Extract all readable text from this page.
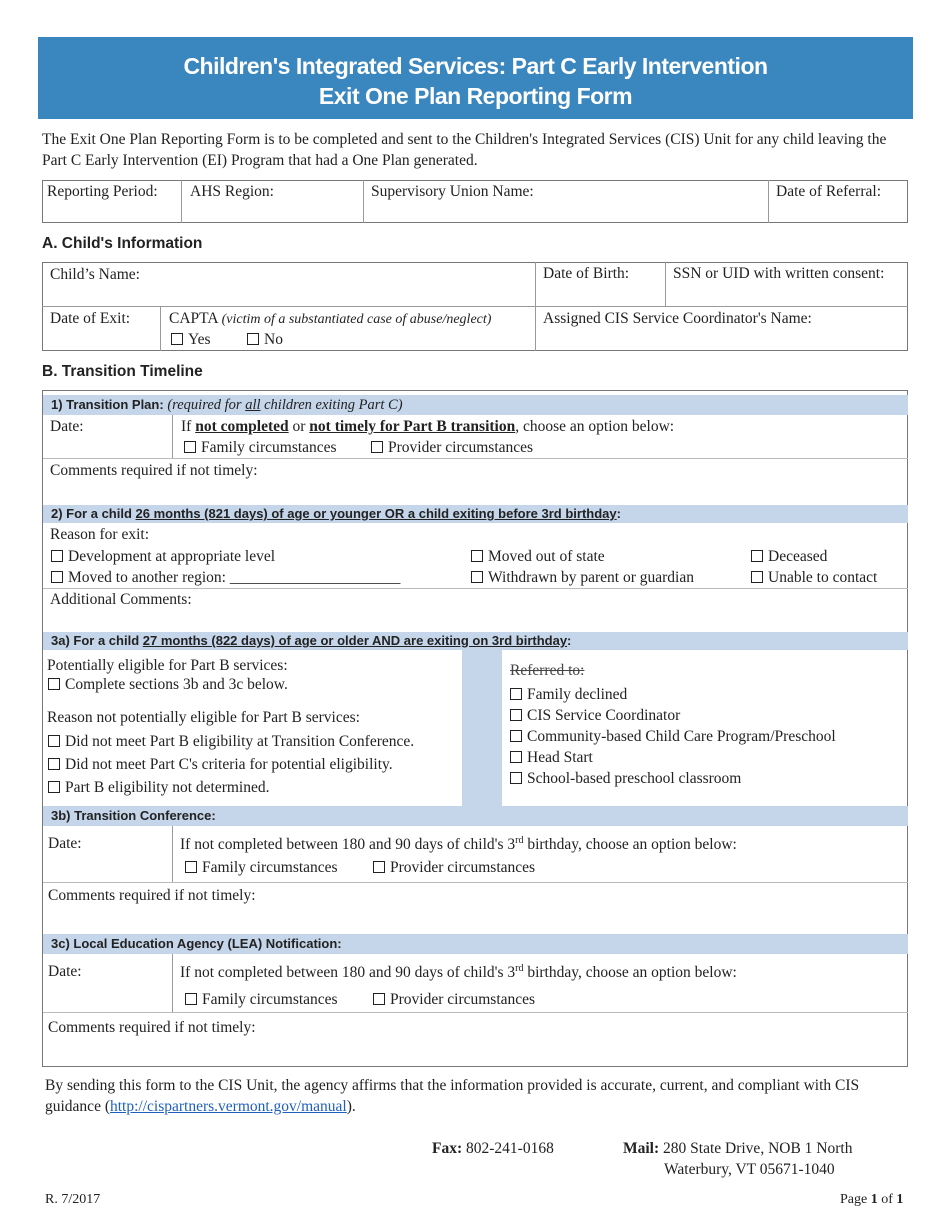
Children's Integrated Services: Part C Early Intervention
Exit One Plan Reporting Form
The Exit One Plan Reporting Form is to be completed and sent to the Children's Integrated Services (CIS) Unit for any child leaving the Part C Early Intervention (EI) Program that had a One Plan generated.
Reporting Period: AHS Region:	Supervisory Union Name:	Date of Referral:
A. Child's Information
Child’s Name:	Date of Birth:	SSN or UID with written consent:
Date of Exit:	CAPTA (victim of a substantiated case of abuse/neglect)
Yes	No
Assigned CIS Service Coordinator's Name:
B. Transition Timeline
1) Transition Plan: (required for all children exiting Part C)
Date:	If not completed or not timely for Part B transition, choose an option below:
Family circumstances	Provider circumstances
Comments required if not timely:
2) For a child 26 months (821 days) of age or younger OR a child exiting before 3rd birthday:
Reason for exit:
Development at appropriate level	Moved out of state	Deceased
Moved to another region: ______________________	Withdrawn by parent or guardian	Unable to contact
Additional Comments:
3a) For a child 27 months (822 days) of age or older AND are exiting on 3rd birthday:
Potentially eligible for Part B services:
Complete sections 3b and 3c below.
Reason not potentially eligible for Part B services:
Did not meet Part B eligibility at Transition Conference.
Did not meet Part C's criteria for potential eligibility.
Part B eligibility not determined.
Referred to:
Family declined
CIS Service Coordinator
Community-based Child Care Program/Preschool
Head Start
School-based preschool classroom
3b) Transition Conference:
Date:	If not completed between 180 and 90 days of child's 3rd birthday, choose an option below:
Family circumstances	Provider circumstances
Comments required if not timely:
3c) Local Education Agency (LEA) Notification:
Date:	If not completed between 180 and 90 days of child's 3rd birthday, choose an option below:
Family circumstances	Provider circumstances
Comments required if not timely:
By sending this form to the CIS Unit, the agency affirms that the information provided is accurate, current, and compliant with CIS guidance (http://cispartners.vermont.gov/manual).
Fax: 802-241-0168	Mail: 280 State Drive, NOB 1 North
Waterbury, VT 05671-1040
R. 7/2017	Page 1 of 1
